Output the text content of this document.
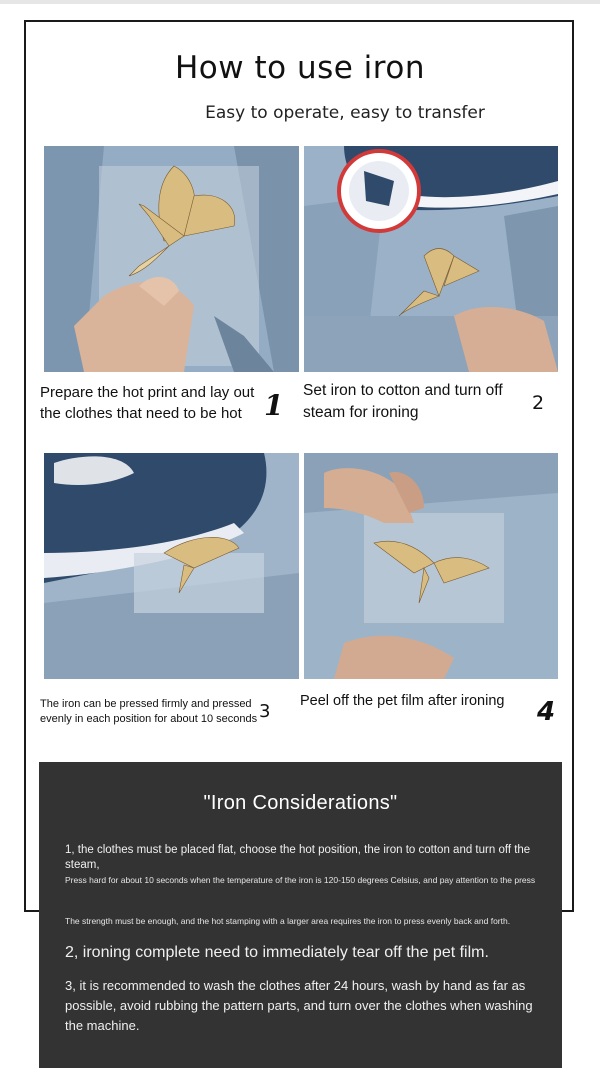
How to use iron
Easy to operate, easy to transfer
Prepare the hot print and lay out the clothes that need to be hot 1 Set iron to cotton and turn off steam for ironing	2
The iron can be pressed firmly and pressed evenly in each position for about 10 seconds 3 Peel off the pet film after ironing	4
"Iron Considerations"
1, the clothes must be placed flat, choose the hot position, the iron to cotton and turn off the steam,
Press hard for about 10 seconds when the temperature of the iron is 120-150 degrees Celsius, and pay attention to the press
The strength must be enough, and the hot stamping with a larger area requires the iron to press evenly back and forth.
2, ironing complete need to immediately tear off the pet film.
3, it is recommended to wash the clothes after 24 hours, wash by hand as far as possible, avoid rubbing the pattern parts, and turn over the clothes when washing the machine.
